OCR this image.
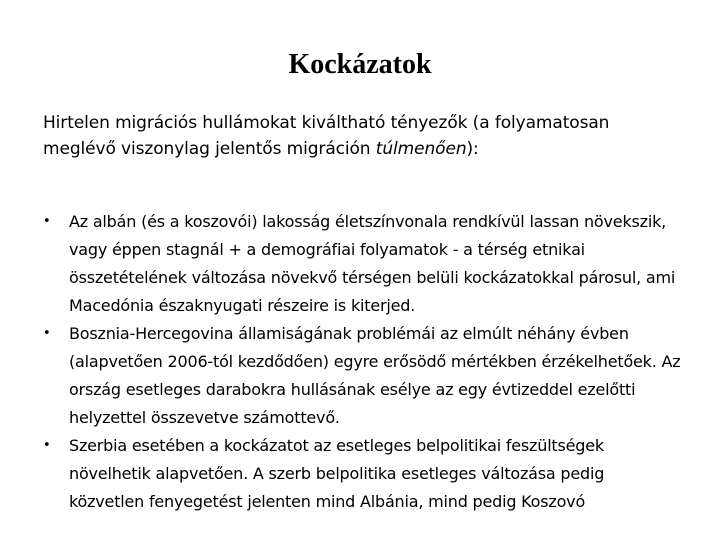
Kockázatok
Hirtelen migrációs hullámokat kiváltható tényezők (a folyamatosan meglévő viszonylag jelentős migráción túlmenően):
•	Az albán (és a koszovói) lakosság életszínvonala rendkívül lassan növekszik, vagy éppen stagnál + a demográfiai folyamatok - a térség etnikai összetételének változása növekvő térségen belüli kockázatokkal párosul, ami Macedónia északnyugati részeire is kiterjed.
•	Bosznia-Hercegovina államiságának problémái az elmúlt néhány évben (alapvetően 2006-tól kezdődően) egyre erősödő mértékben érzékelhetőek. Az ország esetleges darabokra hullásának esélye az egy évtizeddel ezelőtti helyzettel összevetve számottevő.
•	Szerbia esetében a kockázatot az esetleges belpolitikai feszültségek növelhetik alapvetően. A szerb belpolitika esetleges változása pedig közvetlen fenyegetést jelenten mind Albánia, mind pedig Koszovó
